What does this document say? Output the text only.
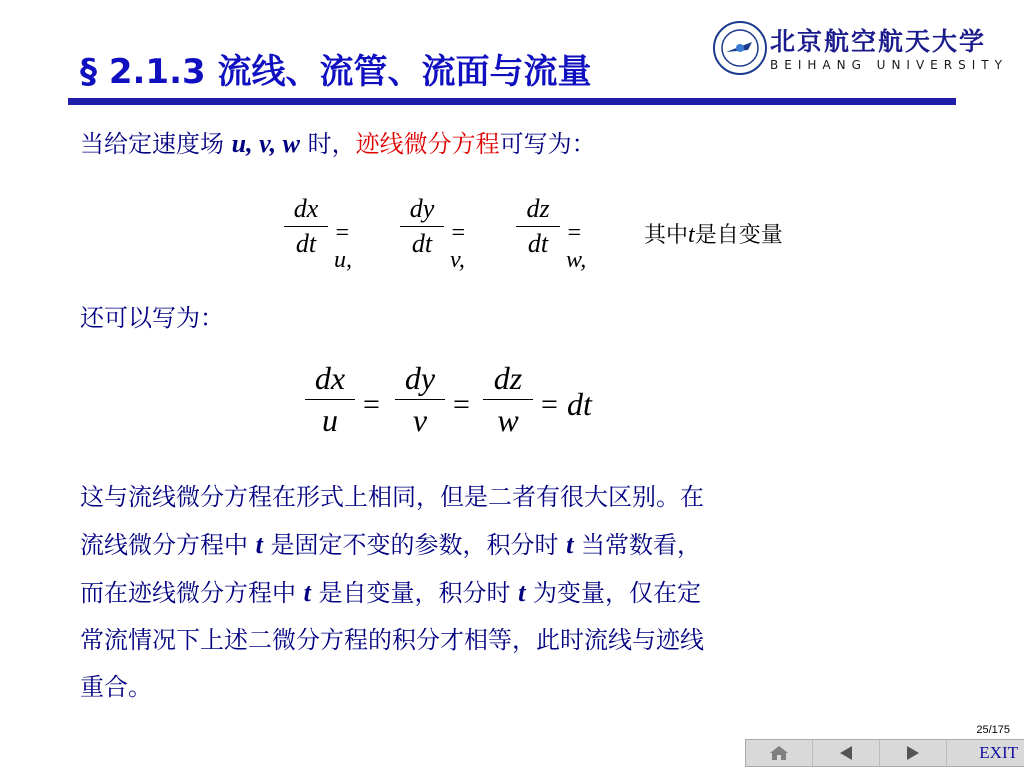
§ 2.1.3 流线、流管、流面与流量
北京航空航天大学
BEIHANG UNIVERSITY
当给定速度场 u, v, w 时，迹线微分方程可写为：
dx
dt = u,
dy
dt = v,
dz
dt = w,
其中t是自变量
还可以写为：
dx
u =
dy
v =
dz
w = dt
这与流线微分方程在形式上相同，但是二者有很大区别。在
流线微分方程中 t 是固定不变的参数，积分时 t 当常数看，
而在迹线微分方程中 t 是自变量，积分时 t 为变量，仅在定
常流情况下上述二微分方程的积分才相等，此时流线与迹线
重合。
25/175
EXIT
